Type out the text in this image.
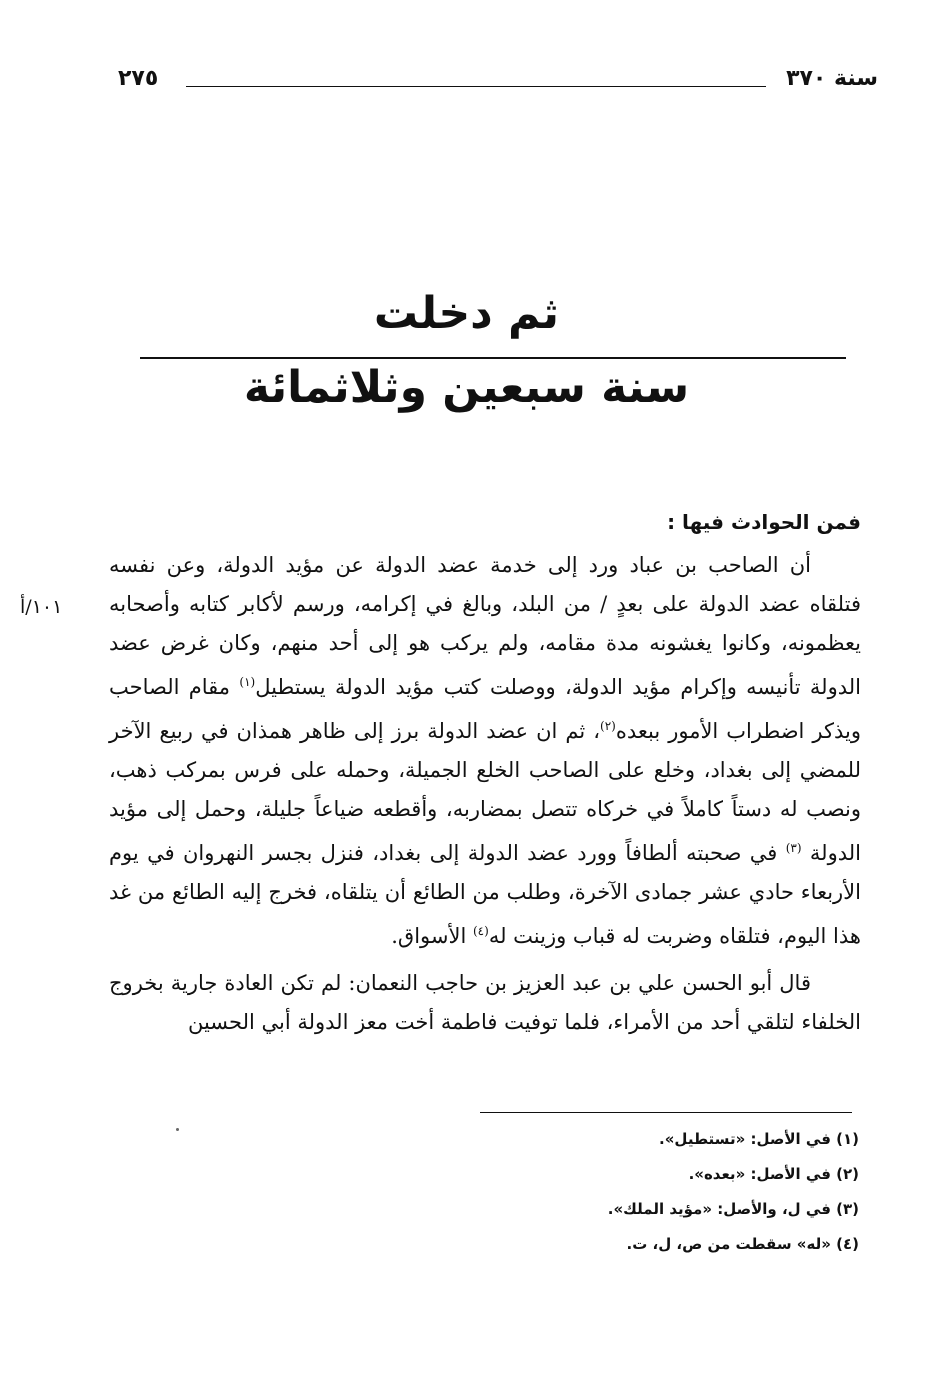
سنة ٣٧٠
٢٧٥
ثم دخلت
سنة سبعين وثلاثمائة
١٠١/أ
فمن الحوادث فيها :

أن الصاحب بن عباد ورد إلى خدمة عضد الدولة عن مؤيد الدولة، وعن نفسه فتلقاه عضد الدولة على بعدٍ / من البلد، وبالغ في إكرامه، ورسم لأكابر كتابه وأصحابه يعظمونه، وكانوا يغشونه مدة مقامه، ولم يركب هو إلى أحد منهم، وكان غرض عضد الدولة تأنيسه وإكرام مؤيد الدولة، ووصلت كتب مؤيد الدولة يستطيل$^{(١)}$ مقام الصاحب ويذكر اضطراب الأمور ببعده$^{(٢)}$، ثم ان عضد الدولة برز إلى ظاهر همذان في ربيع الآخر للمضي إلى بغداد، وخلع على الصاحب الخلع الجميلة، وحمله على فرس بمركب ذهب، ونصب له دستاً كاملاً في خركاه تتصل بمضاربه، وأقطعه ضياعاً جليلة، وحمل إلى مؤيد الدولة $^{(٣)}$ في صحبته ألطافاً وورد عضد الدولة إلى بغداد، فنزل بجسر النهروان في يوم الأربعاء حادي عشر جمادى الآخرة، وطلب من الطائع أن يتلقاه، فخرج إليه الطائع من غد هذا اليوم، فتلقاه وضربت له قباب وزينت له$^{(٤)}$ الأسواق.

قال أبو الحسن علي بن عبد العزيز بن حاجب النعمان: لم تكن العادة جارية بخروج الخلفاء لتلقي أحد من الأمراء، فلما توفيت فاطمة أخت معز الدولة أبي الحسين

(١) في الأصل: «تستطيل».
(٢) في الأصل: «بعده».
(٣) في ل، والأصل: «مؤيد الملك».
(٤) «له» سقطت من ص، ل، ت.
